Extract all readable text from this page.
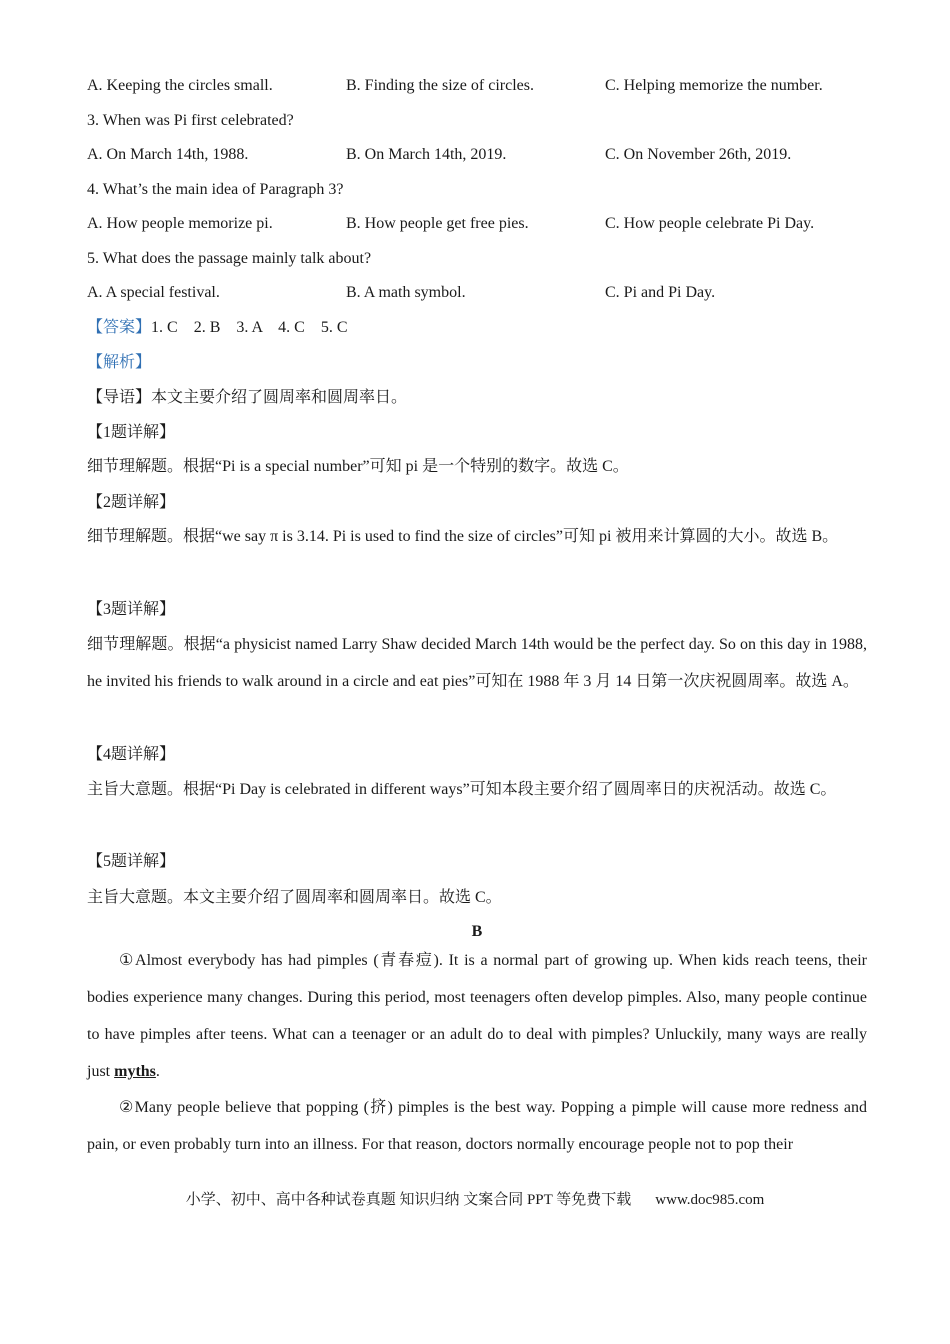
A. Keeping the circles small.	B. Finding the size of circles.	C. Helping memorize the number.
3. When was Pi first celebrated?
A. On March 14th, 1988.	B. On March 14th, 2019.	C. On November 26th, 2019.
4. What’s the main idea of Paragraph 3?
A. How people memorize pi.	B. How people get free pies.	C. How people celebrate Pi Day.
5. What does the passage mainly talk about?
A. A special festival.	B. A math symbol.	C. Pi and Pi Day.
【答案】1. C    2. B    3. A    4. C    5. C
【解析】
【导语】本文主要介绍了圆周率和圆周率日。
【1题详解】
细节理解题。根据“Pi is a special number”可知 pi 是一个特别的数字。故选 C。
【2题详解】
细节理解题。根据“we say π is 3.14. Pi is used to find the size of circles”可知 pi 被用来计算圆的大小。故选 B。
【3题详解】
细节理解题。根据“a physicist named Larry Shaw decided March 14th would be the perfect day. So on this day in 1988, he invited his friends to walk around in a circle and eat pies”可知在 1988 年 3 月 14 日第一次庆祝圆周率。故选 A。
【4题详解】
主旨大意题。根据“Pi Day is celebrated in different ways”可知本段主要介绍了圆周率日的庆祝活动。故选 C。
【5题详解】
主旨大意题。本文主要介绍了圆周率和圆周率日。故选 C。
B
①Almost everybody has had pimples (青春痘). It is a normal part of growing up. When kids reach teens, their bodies experience many changes. During this period, most teenagers often develop pimples. Also, many people continue to have pimples after teens. What can a teenager or an adult do to deal with pimples? Unluckily, many ways are really just myths.
②Many people believe that popping (挤) pimples is the best way. Popping a pimple will cause more redness and pain, or even probably turn into an illness. For that reason, doctors normally encourage people not to pop their
小学、初中、高中各种试卷真题 知识归纳 文案合同 PPT 等免费下载 www.doc985.com
